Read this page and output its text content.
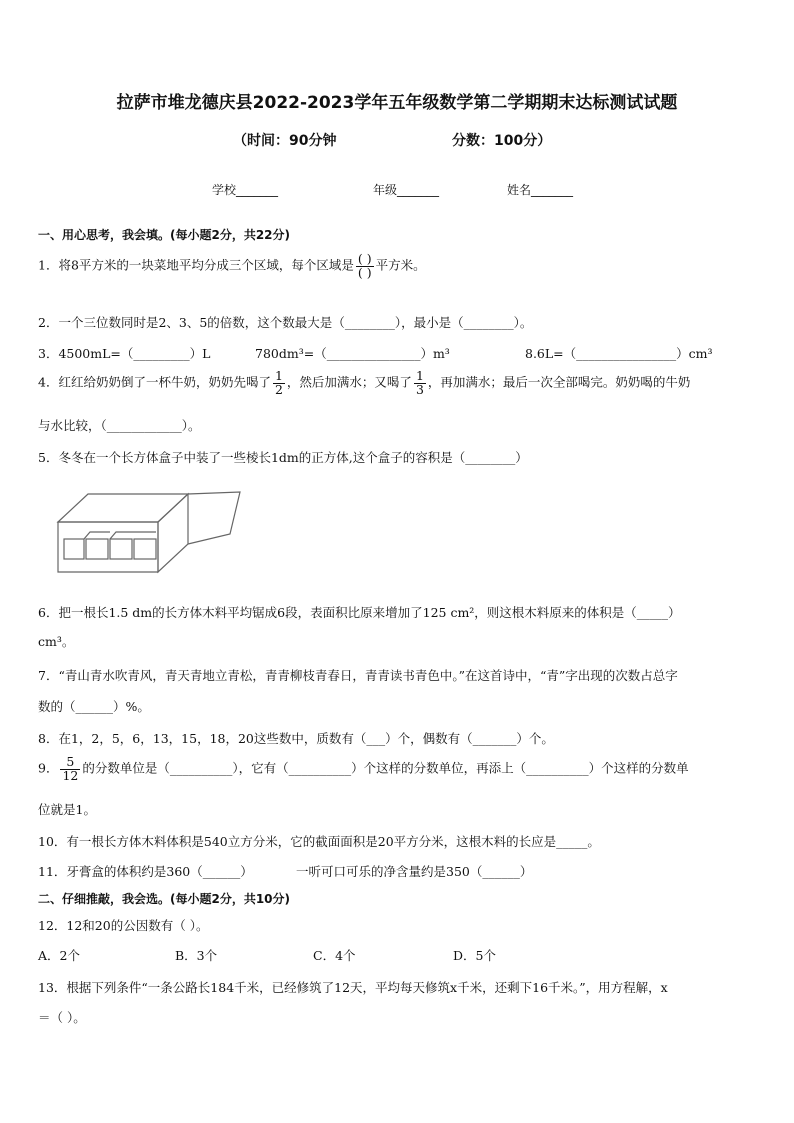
拉萨市堆龙德庆县2022-2023学年五年级数学第二学期期末达标测试试题
（时间：90分钟	分数：100分）
学校_______	年级_______	姓名_______
一、用心思考，我会填。(每小题2分，共22分)
1．将8平方米的一块菜地平均分成三个区域，每个区域是 $\frac{( )}{( )}$ 平方米。
2．一个三位数同时是2、3、5的倍数，这个数最大是（________），最小是（________）。
3．4500mL=（_________）L	780dm³=（_______________）m³	8.6L=（________________）cm³
4．红红给奶奶倒了一杯牛奶，奶奶先喝了 $\frac{1}{2}$ ，然后加满水；又喝了 $\frac{1}{3}$ ，再加满水；最后一次全部喝完。奶奶喝的牛奶
与水比较，（____________）。
5．冬冬在一个长方体盒子中装了一些棱长1dm的正方体,这个盒子的容积是（________）
6．把一根长1.5 dm的长方体木料平均锯成6段，表面积比原来增加了125 cm²，则这根木料原来的体积是（_____）
cm³。
7．“青山青水吹青风，青天青地立青松，青青柳枝青春日，青青读书青色中。”在这首诗中，“青”字出现的次数占总字
数的（______）%。
8．在1，2，5，6，13，15，18，20这些数中，质数有（___）个，偶数有（_______）个。
9． $\frac{5}{12}$ 的分数单位是（__________），它有（__________）个这样的分数单位，再添上（__________）个这样的分数单
位就是1。
10．有一根长方体木料体积是540立方分米，它的截面面积是20平方分米，这根木料的长应是_____。
11．牙膏盒的体积约是360（______）	一听可口可乐的净含量约是350（______）
二、仔细推敲，我会选。(每小题2分，共10分)
12．12和20的公因数有（ ）。
A．2个	B．3个	C．4个	D．5个
13．根据下列条件“一条公路长184千米，已经修筑了12天，平均每天修筑x千米，还剩下16千米。”，用方程解，x
＝（ ）。
